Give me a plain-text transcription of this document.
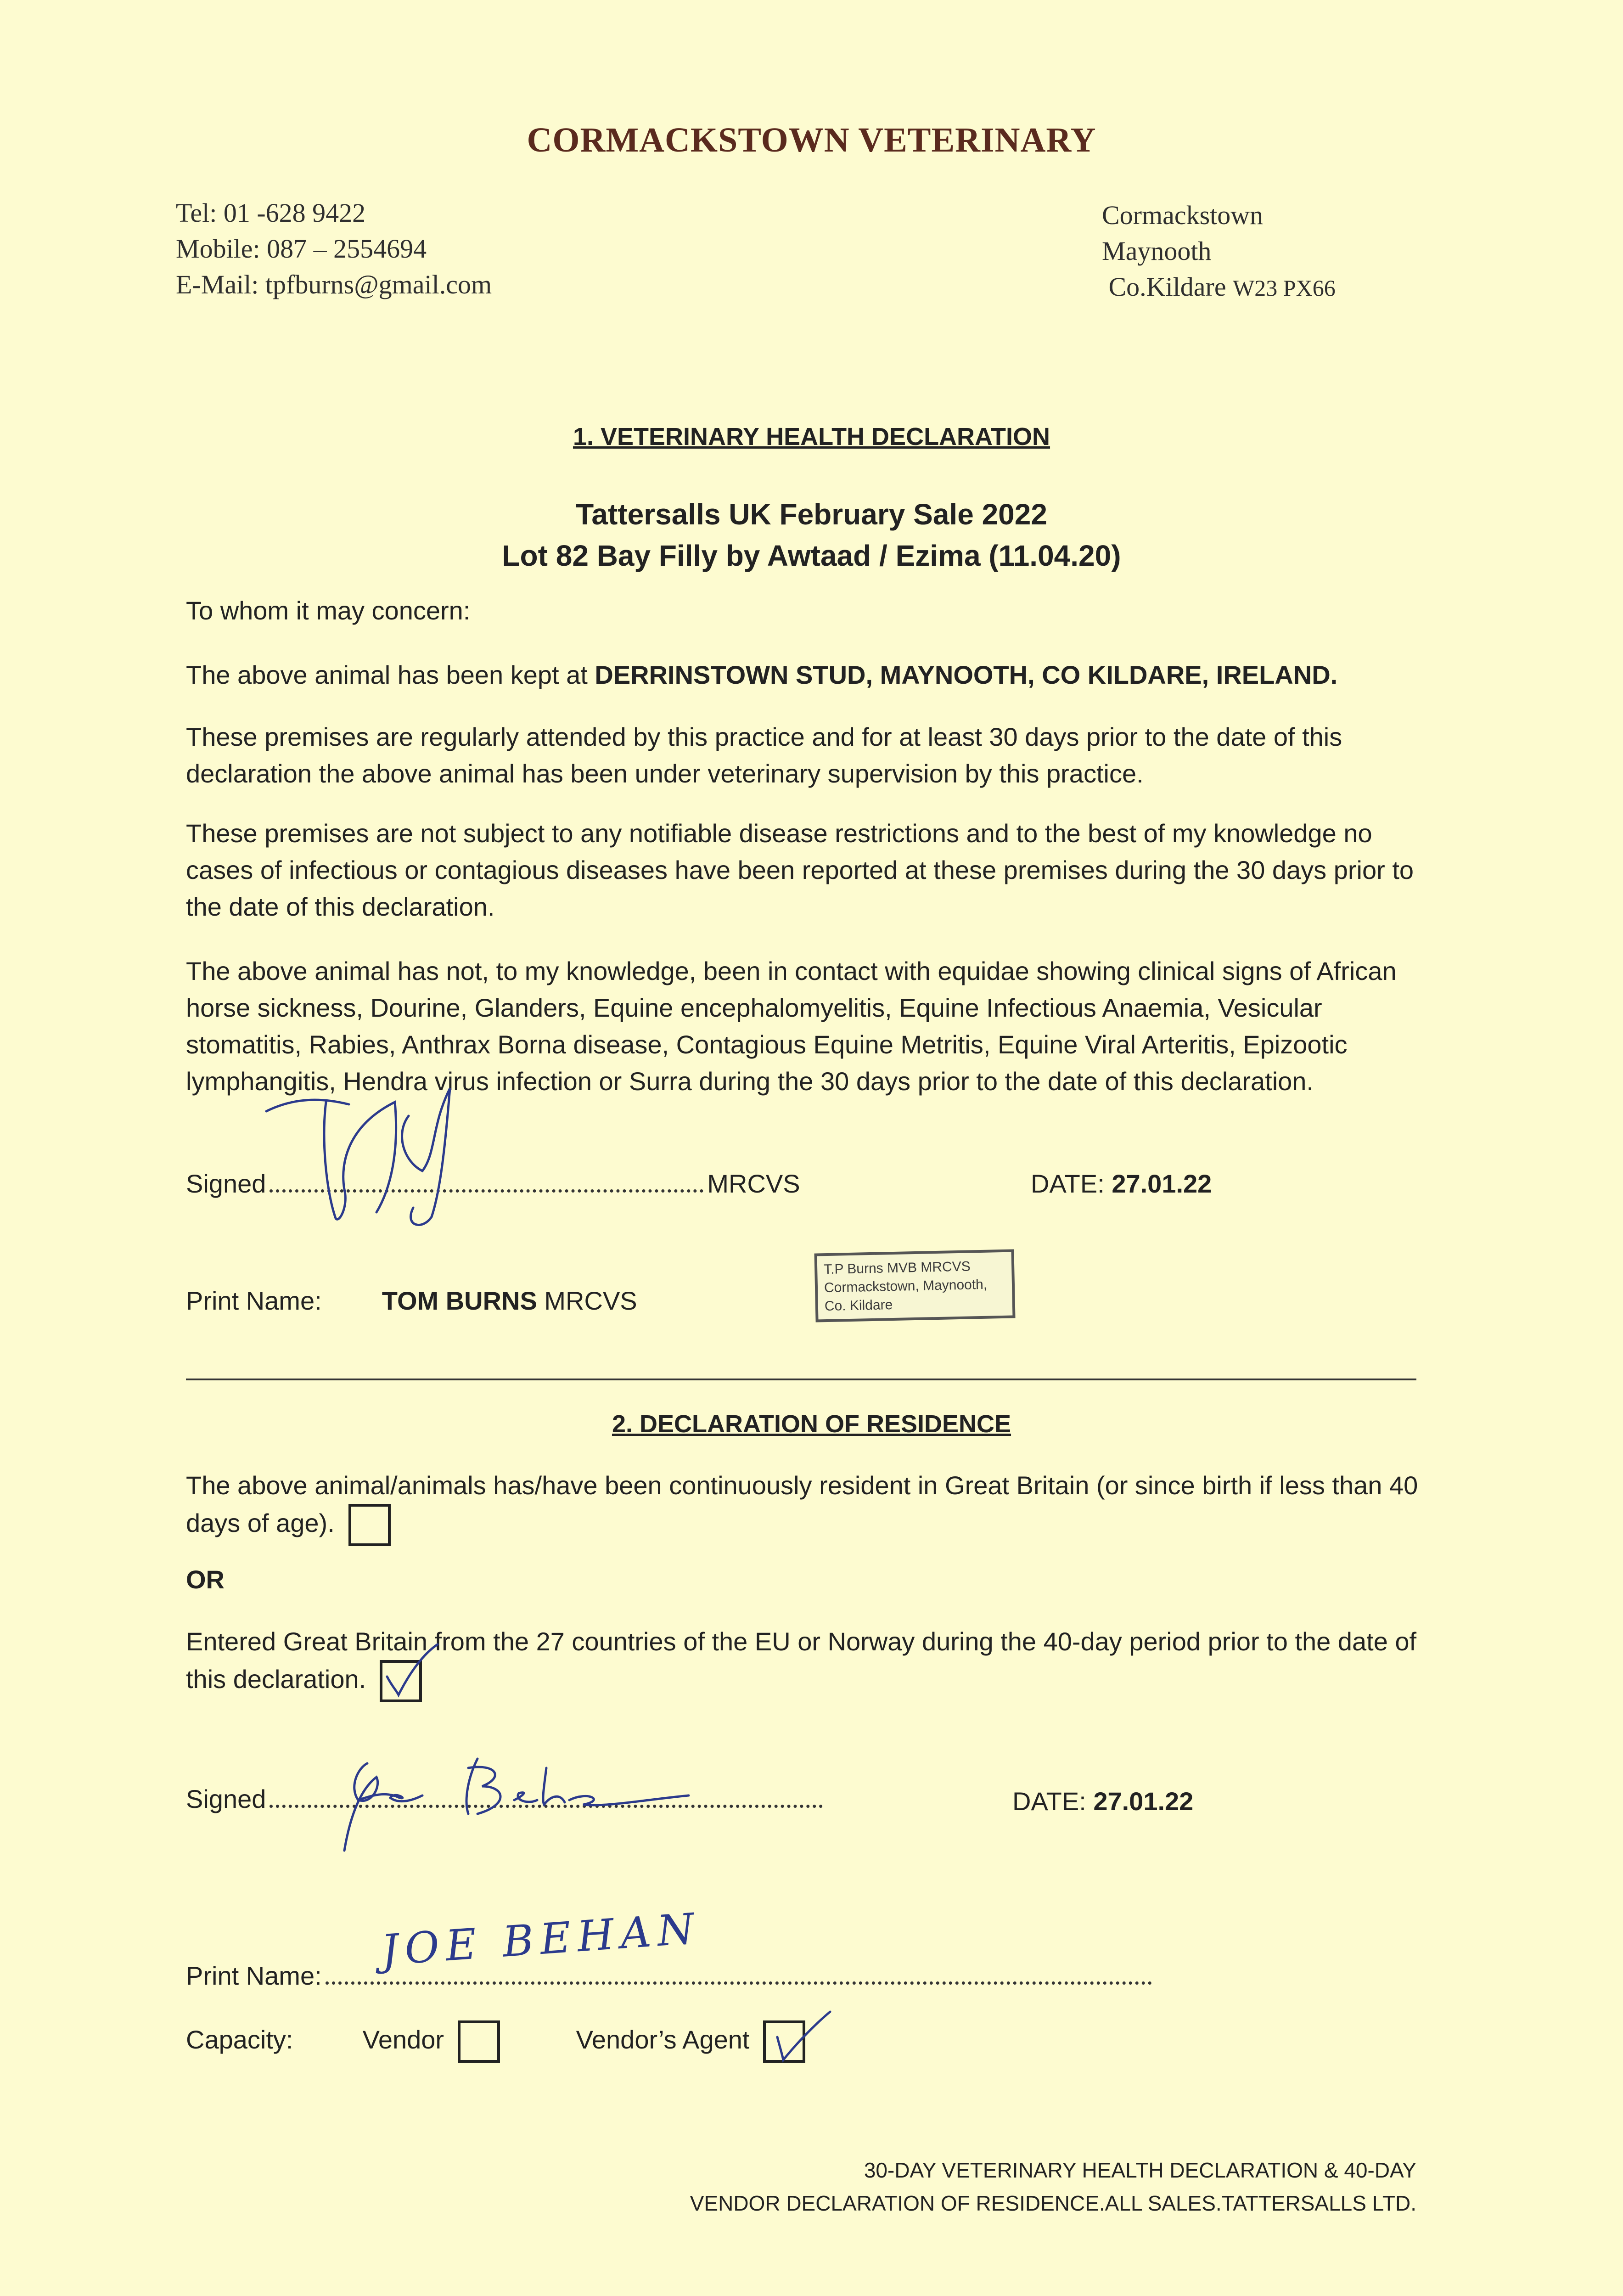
CORMACKSTOWN VETERINARY
Tel: 01 -628 9422
Mobile: 087 – 2554694
E-Mail: tpfburns@gmail.com
Cormackstown
Maynooth
Co.Kildare W23 PX66
1. VETERINARY HEALTH DECLARATION
Tattersalls UK February Sale 2022
Lot 82 Bay Filly by Awtaad / Ezima (11.04.20)
To whom it may concern:
The above animal has been kept at DERRINSTOWN STUD, MAYNOOTH, CO KILDARE, IRELAND.
These premises are regularly attended by this practice and for at least 30 days prior to the date of this declaration the above animal has been under veterinary supervision by this practice.
These premises are not subject to any notifiable disease restrictions and to the best of my knowledge no cases of infectious or contagious diseases have been reported at these premises during the 30 days prior to the date of this declaration.
The above animal has not, to my knowledge, been in contact with equidae showing clinical signs of African horse sickness, Dourine, Glanders, Equine encephalomyelitis, Equine Infectious Anaemia, Vesicular stomatitis, Rabies, Anthrax Borna disease, Contagious Equine Metritis, Equine Viral Arteritis, Epizootic lymphangitis, Hendra virus infection or Surra during the 30 days prior to the date of this declaration.
Signed	MRCVS	DATE: 27.01.22
Print Name: TOM BURNS MRCVS
T.P Burns MVB MRCVS
Cormackstown, Maynooth,
Co. Kildare
2. DECLARATION OF RESIDENCE
The above animal/animals has/have been continuously resident in Great Britain (or since birth if less than 40 days of age).
OR
Entered Great Britain from the 27 countries of the EU or Norway during the 40-day period prior to the date of this declaration.
Signed	DATE: 27.01.22
Print Name:
JOE BEHAN
Capacity:	Vendor	Vendor’s Agent
30-DAY VETERINARY HEALTH DECLARATION & 40-DAY
VENDOR DECLARATION OF RESIDENCE.ALL SALES.TATTERSALLS LTD.
